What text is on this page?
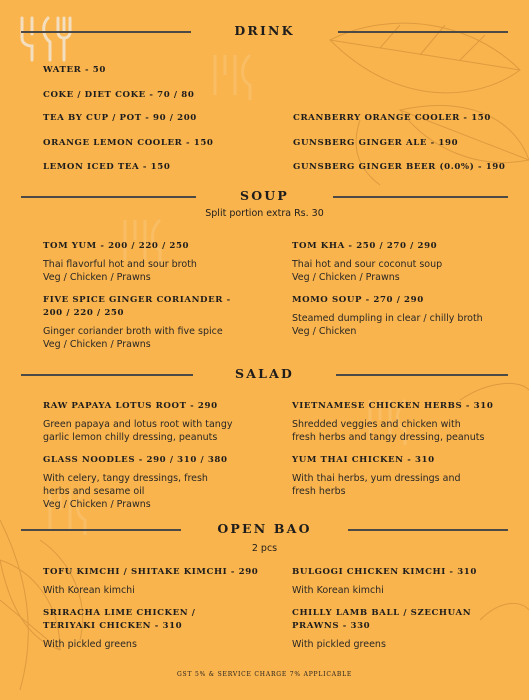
DRINK
WATER - 50
COKE / DIET COKE - 70 / 80
TEA BY CUP / POT - 90 / 200
ORANGE LEMON COOLER - 150
LEMON ICED TEA - 150
CRANBERRY ORANGE COOLER - 150
GUNSBERG GINGER ALE - 190
GUNSBERG GINGER BEER (0.0%) - 190
SOUP
Split portion extra Rs. 30
TOM YUM - 200 / 220 / 250
Thai flavorful hot and sour broth
Veg / Chicken / Prawns
FIVE SPICE GINGER CORIANDER -
200 / 220 / 250
Ginger coriander broth with five spice
Veg / Chicken / Prawns
TOM KHA - 250 / 270 / 290
Thai hot and sour coconut soup
Veg / Chicken / Prawns
MOMO SOUP - 270 / 290
Steamed dumpling in clear / chilly broth
Veg / Chicken
SALAD
RAW PAPAYA LOTUS ROOT - 290
Green papaya and lotus root with tangy
garlic lemon chilly dressing, peanuts
GLASS NOODLES - 290 / 310 / 380
With celery, tangy dressings, fresh
herbs and sesame oil
Veg / Chicken / Prawns
VIETNAMESE CHICKEN HERBS - 310
Shredded veggies and chicken with
fresh herbs and tangy dressing, peanuts
YUM THAI CHICKEN - 310
With thai herbs, yum dressings and
fresh herbs
OPEN BAO
2 pcs
TOFU KIMCHI / SHITAKE KIMCHI - 290
With Korean kimchi
SRIRACHA LIME CHICKEN /
TERIYAKI CHICKEN - 310
With pickled greens
BULGOGI CHICKEN KIMCHI - 310
With Korean kimchi
CHILLY LAMB BALL / SZECHUAN
PRAWNS - 330
With pickled greens
GST 5% & SERVICE CHARGE 7% APPLICABLE
